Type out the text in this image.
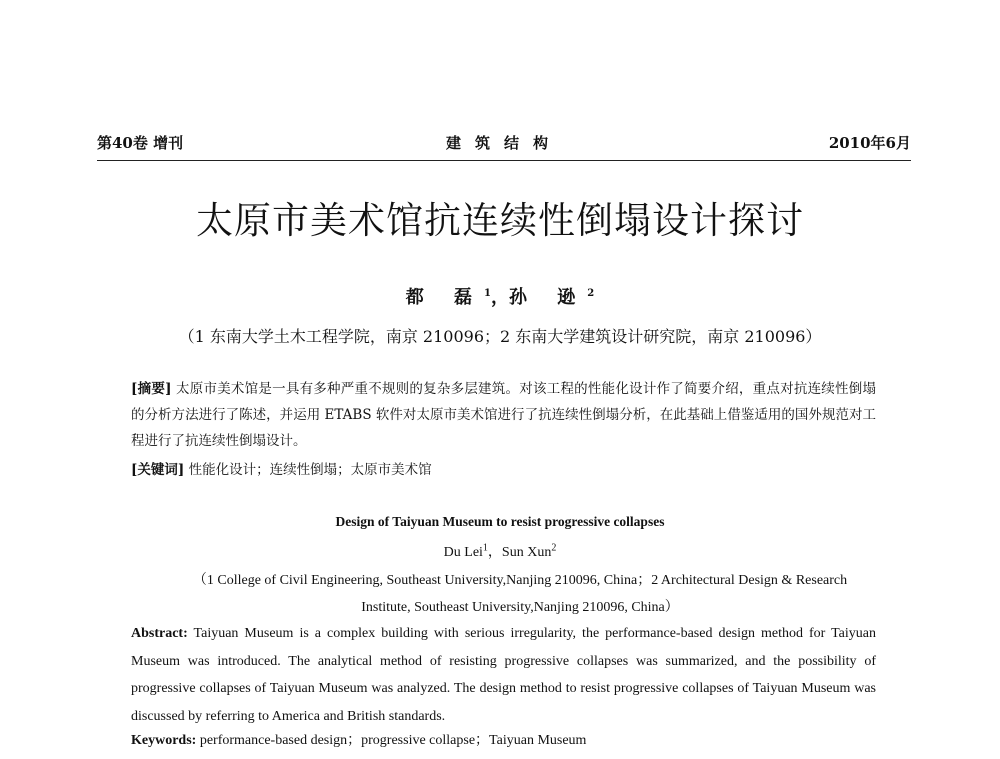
第40卷 增刊	建筑结构	2010年6月
太原市美术馆抗连续性倒塌设计探讨
都 磊$^1$，孙 逊$^2$
（1 东南大学土木工程学院，南京 210096；2 东南大学建筑设计研究院，南京 210096）
[摘要] 太原市美术馆是一具有多种严重不规则的复杂多层建筑。对该工程的性能化设计作了简要介绍，重点对抗连续性倒塌的分析方法进行了陈述，并运用 ETABS 软件对太原市美术馆进行了抗连续性倒塌分析，在此基础上借鉴适用的国外规范对工程进行了抗连续性倒塌设计。
[关键词] 性能化设计；连续性倒塌；太原市美术馆
Design of Taiyuan Museum to resist progressive collapses
Du Lei$^1$，Sun Xun$^2$
（1 College of Civil Engineering, Southeast University,Nanjing 210096, China；2 Architectural Design & Research
Institute, Southeast University,Nanjing 210096, China）
Abstract: Taiyuan Museum is a complex building with serious irregularity, the performance-based design method for Taiyuan Museum was introduced. The analytical method of resisting progressive collapses was summarized, and the possibility of progressive collapses of Taiyuan Museum was analyzed. The design method to resist progressive collapses of Taiyuan Museum was discussed by referring to America and British standards.
Keywords: performance-based design；progressive collapse；Taiyuan Museum
